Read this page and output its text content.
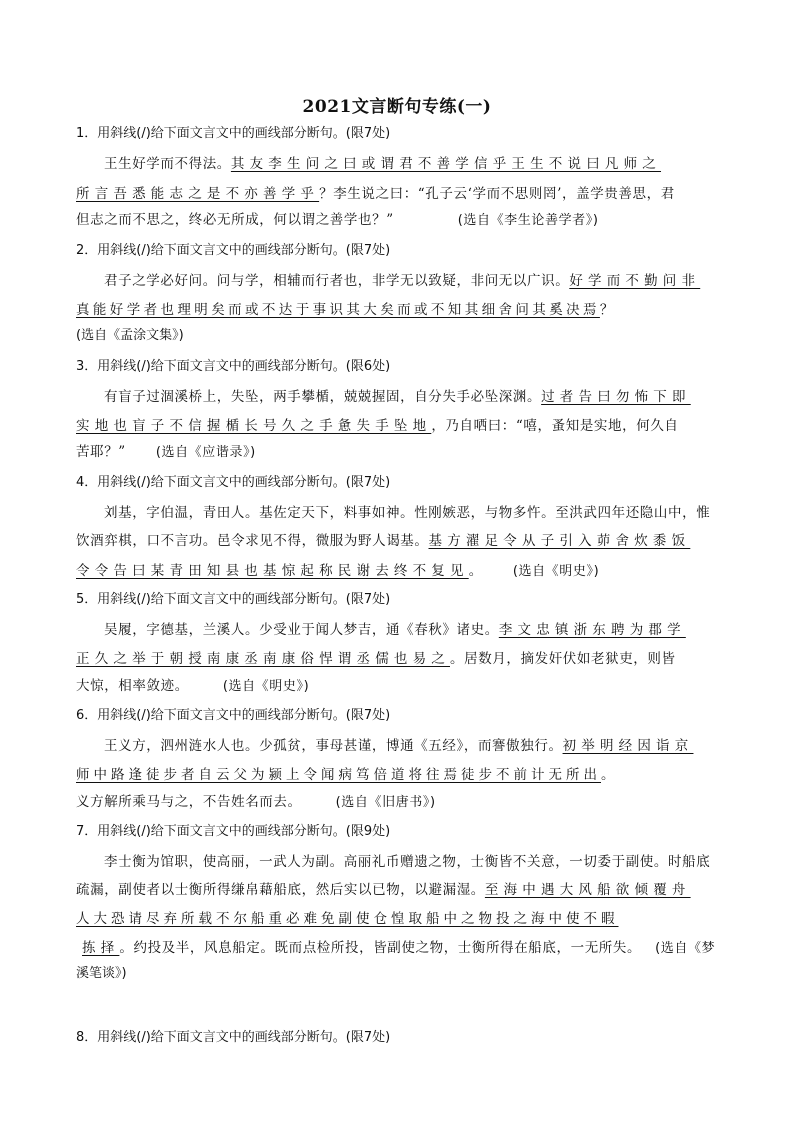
2021文言断句专练(一)
1．用斜线(/)给下面文言文中的画线部分断句。(限7处)
王生好学而不得法。其友李生问之曰或谓君不善学信乎王生不说曰凡师之
所言吾悉能志之是不亦善学乎？李生说之曰：“孔子云‘学而不思则罔’，盖学贵善思，君
但志之而不思之，终必无所成，何以谓之善学也？”	(选自《李生论善学者》)
2．用斜线(/)给下面文言文中的画线部分断句。(限7处)
君子之学必好问。问与学，相辅而行者也，非学无以致疑，非问无以广识。好学而不勤问非
真能好学者也理明矣而或不达于事识其大矣而或不知其细舍问其奚决焉？
(选自《孟涂文集》)
3．用斜线(/)给下面文言文中的画线部分断句。(限6处)
有盲子过涸溪桥上，失坠，两手攀楯，兢兢握固，自分失手必坠深渊。过者告曰勿怖下即
实地也盲子不信握楯长号久之手惫失手坠地，乃自哂曰：“嘻，蚤知是实地，何久自
苦耶？” (选自《应谐录》)
4．用斜线(/)给下面文言文中的画线部分断句。(限7处)
刘基，字伯温，青田人。基佐定天下，料事如神。性刚嫉恶，与物多忤。至洪武四年还隐山中，惟
饮酒弈棋，口不言功。邑令求见不得，微服为野人谒基。基方濯足令从子引入茆舍炊黍饭
令令告曰某青田知县也基惊起称民谢去终不复见。 (选自《明史》)
5．用斜线(/)给下面文言文中的画线部分断句。(限7处)
吴履，字德基，兰溪人。少受业于闻人梦吉，通《春秋》诸史。李文忠镇浙东聘为郡学
正久之举于朝授南康丞南康俗悍谓丞儒也易之。居数月，摘发奸伏如老狱吏，则皆
大惊，相率敛迹。	(选自《明史》)
6．用斜线(/)给下面文言文中的画线部分断句。(限7处)
王义方，泗州涟水人也。少孤贫，事母甚谨，博通《五经》，而謇傲独行。初举明经因诣京
师中路逢徒步者自云父为颍上令闻病笃倍道将往焉徒步不前计无所出。
义方解所乘马与之，不告姓名而去。	(选自《旧唐书》)
7．用斜线(/)给下面文言文中的画线部分断句。(限9处)
李士衡为馆职，使高丽，一武人为副。高丽礼币赠遗之物，士衡皆不关意，一切委于副使。时船底
疏漏，副使者以士衡所得缣帛藉船底，然后实以已物，以避漏湿。至海中遇大风船欲倾覆舟
人大恐请尽弃所载不尔船重必难免副使仓惶取船中之物投之海中使不暇
拣择。约投及半，风息船定。既而点检所投，皆副使之物，士衡所得在船底，一无所失。 (选自《梦
溪笔谈》)
8．用斜线(/)给下面文言文中的画线部分断句。(限7处)
